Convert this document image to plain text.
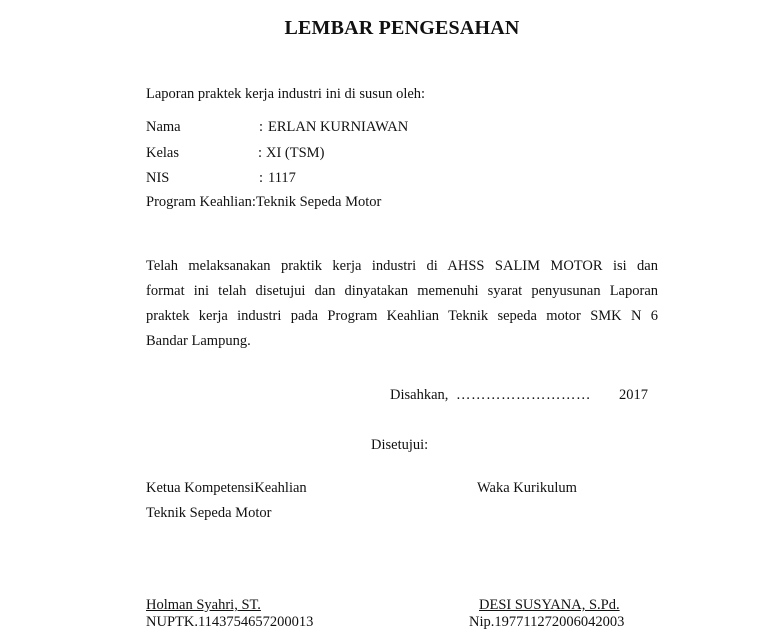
LEMBAR PENGESAHAN
Laporan praktek kerja industri ini di susun oleh:
Nama	: ERLAN KURNIAWAN
Kelas	: XI (TSM)
NIS	: 1117
Program Keahlian:Teknik Sepeda Motor
Telah melaksanakan praktik kerja industri di AHSS SALIM MOTOR isi dan
format ini telah disetujui dan dinyatakan memenuhi syarat penyusunan Laporan
praktek kerja industri pada Program Keahlian Teknik sepeda motor SMK N 6
Bandar Lampung.
Disahkan, ……………………… 2017
Disetujui:
Ketua KompetensiKeahlian
Teknik Sepeda Motor
Waka Kurikulum
Holman Syahri, ST.
NUPTK.1143754657200013
DESI SUSYANA, S.Pd.
Nip.197711272006042003
